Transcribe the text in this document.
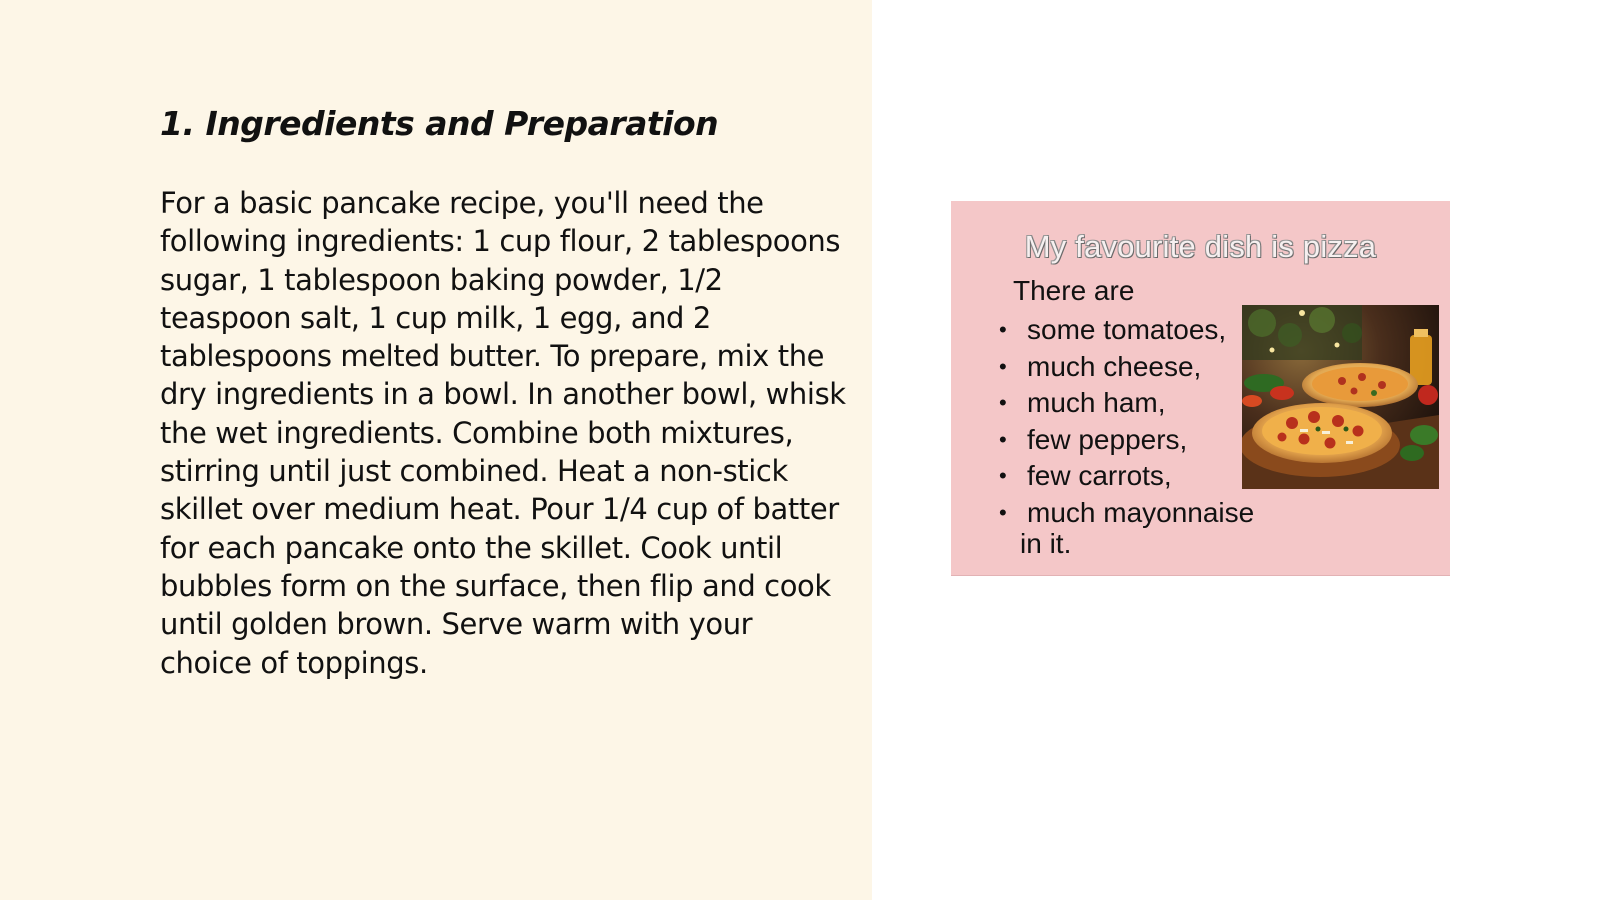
1. Ingredients and Preparation

For a basic pancake recipe, you'll need the following ingredients: 1 cup flour, 2 tablespoons sugar, 1 tablespoon baking powder, 1/2 teaspoon salt, 1 cup milk, 1 egg, and 2 tablespoons melted butter. To prepare, mix the dry ingredients in a bowl. In another bowl, whisk the wet ingredients. Combine both mixtures, stirring until just combined. Heat a non-stick skillet over medium heat. Pour 1/4 cup of batter for each pancake onto the skillet. Cook until bubbles form on the surface, then flip and cook until golden brown. Serve warm with your choice of toppings.

My favourite dish is pizza
There are
• some tomatoes,
• much cheese,
• much ham,
• few peppers,
• few carrots,
• much mayonnaise
in it.
